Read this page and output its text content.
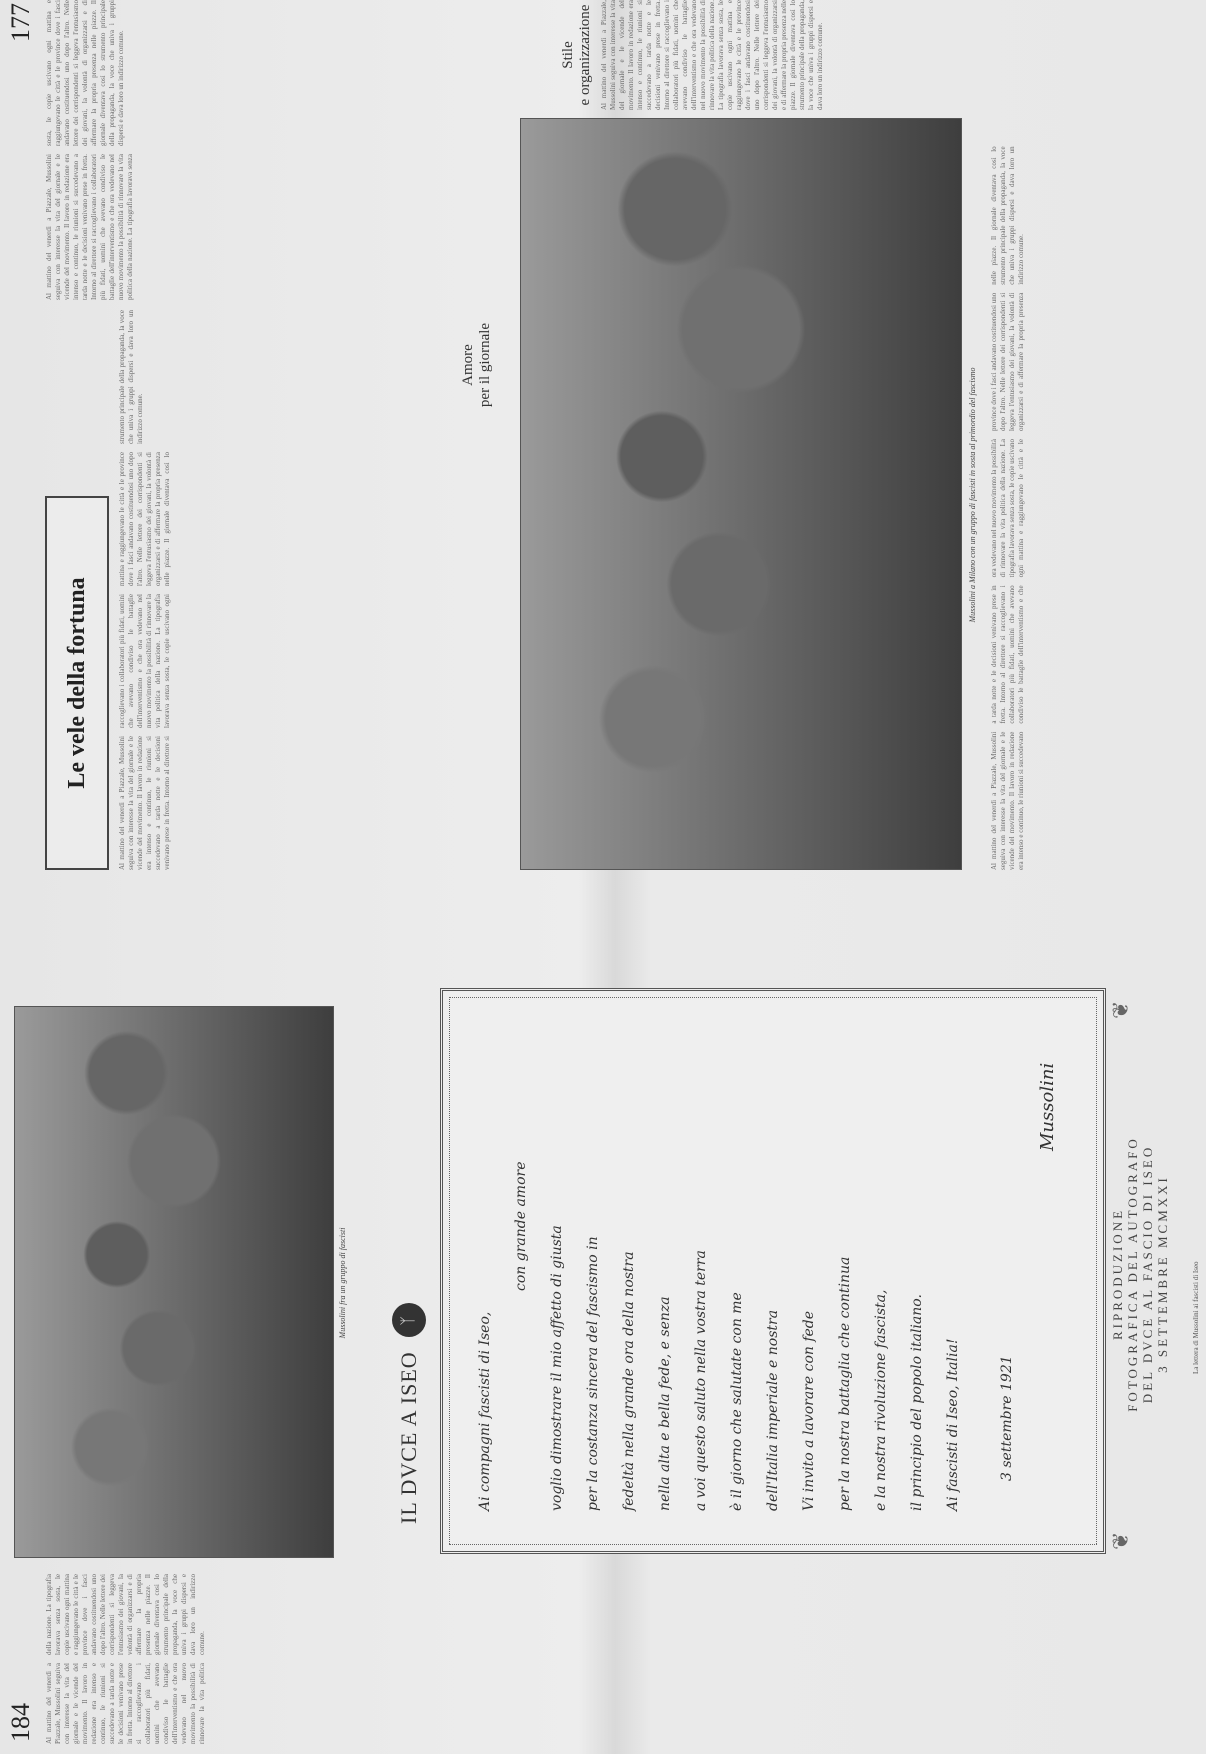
184 Al mattino del venerdì a Piazzale, Mussolini seguiva con interesse la vita del giornale e le vicende del movimento. Il lavoro in redazione era intenso e continuo, le riunioni si succedevano a tarda notte e le decisioni venivano prese in fretta. Intorno al direttore si raccoglievano i collaboratori più fidati, uomini che avevano condiviso le battaglie dell'interventismo e che ora vedevano nel nuovo movimento la possibilità di rinnovare la vita politica della nazione. La tipografia lavorava senza sosta, le copie uscivano ogni mattina e raggiungevano le città e le province dove i fasci andavano costituendosi uno dopo l'altro. Nelle lettere dei corrispondenti si leggeva l'entusiasmo dei giovani, la volontà di organizzarsi e di affermare la propria presenza nelle piazze. Il giornale diventava così lo strumento principale della propaganda, la voce che univa i gruppi dispersi e dava loro un indirizzo comune.
Mussolini fra un gruppo di fascisti
IL DVCE A ISEO
ᛉ	Ai compagni fascisti di Iseo,
con grande amore	voglio dimostrare il mio affetto di giusta	per la costanza sincera del fascismo in	fedeltà nella grande ora della nostra	nella alta e bella fede, e senza	a voi questo saluto nella vostra terra	è il giorno che salutate con me	dell'Italia imperiale e nostra	Vi invito a lavorare con fede	per la nostra battaglia che continua	e la nostra rivoluzione fascista,	il principio del popolo italiano.	Ai fascisti di Iseo, Italia!	3 settembre 1921
Mussolini
❦
RIPRODUZIONE FOTOGRAFICA DEL AUTOGRAFO DEL DVCE AL FASCIO DI ISEO 3 SETTEMBRE MCMXXI
❦
La lettera di Mussolini ai fascisti di Iseo
177
Le vele della fortuna
Al mattino del venerdì a Piazzale, Mussolini seguiva con interesse la vita del giornale e le vicende del movimento. Il lavoro in redazione era intenso e continuo, le riunioni si succedevano a tarda notte e le decisioni venivano prese in fretta. Intorno al direttore si raccoglievano i collaboratori più fidati, uomini che avevano condiviso le battaglie dell'interventismo e che ora vedevano nel nuovo movimento la possibilità di rinnovare la vita politica della nazione. La tipografia lavorava senza sosta, le copie uscivano ogni mattina e raggiungevano le città e le province dove i fasci andavano costituendosi uno dopo l'altro. Nelle lettere dei corrispondenti si leggeva l'entusiasmo dei giovani, la volontà di organizzarsi e di affermare la propria presenza nelle piazze. Il giornale diventava così lo strumento principale della propaganda, la voce che univa i gruppi dispersi e dava loro un indirizzo comune.
Amore per il giornale
Al mattino del venerdì a Piazzale, Mussolini seguiva con interesse la vita del giornale e le vicende del movimento. Il lavoro in redazione era intenso e continuo, le riunioni si succedevano a tarda notte e le decisioni venivano prese in fretta. Intorno al direttore si raccoglievano i collaboratori più fidati, uomini che avevano condiviso le battaglie dell'interventismo e che ora vedevano nel nuovo movimento la possibilità di rinnovare la vita politica della nazione. La tipografia lavorava senza sosta, le copie uscivano ogni mattina e raggiungevano le città e le province dove i fasci andavano costituendosi uno dopo l'altro. Nelle lettere dei corrispondenti si leggeva l'entusiasmo dei giovani, la volontà di organizzarsi e di affermare la propria presenza nelle piazze. Il giornale diventava così lo strumento principale della propaganda, la voce che univa i gruppi dispersi e dava loro un indirizzo comune.	Stile e organizzazione
Mussolini a Milano con un gruppo di fascisti in sosta al primordio del fascismo
Al mattino del venerdì a Piazzale, Mussolini seguiva con interesse la vita del giornale e le vicende del movimento. Il lavoro in redazione era intenso e continuo, le riunioni si succedevano a tarda notte e le decisioni venivano prese in fretta. Intorno al direttore si raccoglievano i collaboratori più fidati, uomini che avevano condiviso le battaglie dell'interventismo e che ora vedevano nel nuovo movimento la possibilità di rinnovare la vita politica della nazione. La tipografia lavorava senza sosta, le copie uscivano ogni mattina e raggiungevano le città e le province dove i fasci andavano costituendosi uno dopo l'altro. Nelle lettere dei corrispondenti si leggeva l'entusiasmo dei giovani, la volontà di organizzarsi e di affermare la propria presenza nelle piazze. Il giornale diventava così lo strumento principale della propaganda, la voce che univa i gruppi dispersi e dava loro un indirizzo comune.
Al mattino del venerdì a Piazzale, Mussolini seguiva con interesse la vita del giornale e le vicende del movimento. Il lavoro in redazione era intenso e continuo, le riunioni si succedevano a tarda notte e le decisioni venivano prese in fretta. Intorno al direttore si raccoglievano i collaboratori più fidati, uomini che avevano condiviso le battaglie dell'interventismo e che ora vedevano nel nuovo movimento la possibilità di rinnovare la vita politica della nazione. La tipografia lavorava senza sosta, le copie uscivano ogni mattina e raggiungevano le città e le province dove i fasci andavano costituendosi uno dopo l'altro. Nelle lettere dei corrispondenti si leggeva l'entusiasmo dei giovani, la volontà di organizzarsi e di affermare la propria presenza nelle piazze. Il giornale diventava così lo strumento principale della propaganda, la voce che univa i gruppi dispersi e dava loro un indirizzo comune.
